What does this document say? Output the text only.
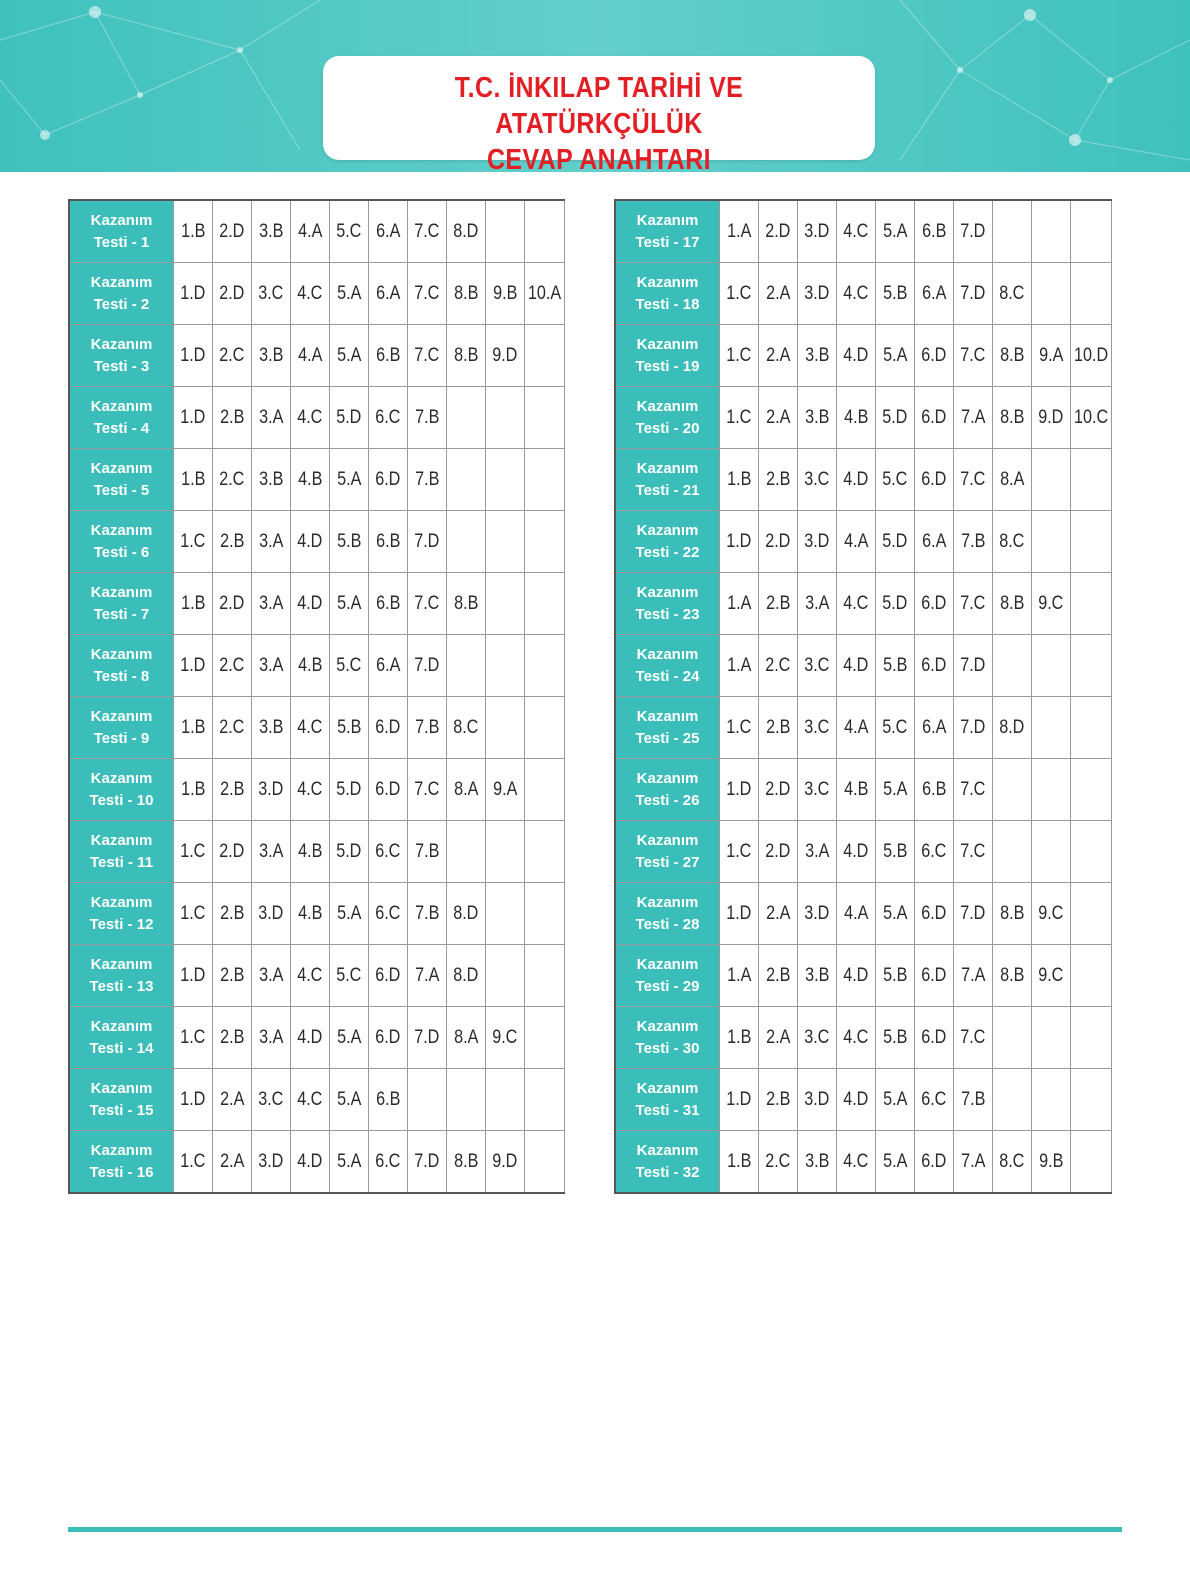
T.C. İNKILAP TARİHİ VE ATATÜRKÇÜLÜK
CEVAP ANAHTARI
Kazanım
Testi - 1	1.B	2.D	3.B	4.A	5.C	6.A	7.C	8.D		

Kazanım
Testi - 2	1.D	2.D	3.C	4.C	5.A	6.A	7.C	8.B	9.B	10.A

Kazanım
Testi - 3	1.D	2.C	3.B	4.A	5.A	6.B	7.C	8.B	9.D	

Kazanım
Testi - 4	1.D	2.B	3.A	4.C	5.D	6.C	7.B			

Kazanım
Testi - 5	1.B	2.C	3.B	4.B	5.A	6.D	7.B			

Kazanım
Testi - 6	1.C	2.B	3.A	4.D	5.B	6.B	7.D			

Kazanım
Testi - 7	1.B	2.D	3.A	4.D	5.A	6.B	7.C	8.B		

Kazanım
Testi - 8	1.D	2.C	3.A	4.B	5.C	6.A	7.D			

Kazanım
Testi - 9	1.B	2.C	3.B	4.C	5.B	6.D	7.B	8.C		

Kazanım
Testi - 10	1.B	2.B	3.D	4.C	5.D	6.D	7.C	8.A	9.A	

Kazanım
Testi - 11	1.C	2.D	3.A	4.B	5.D	6.C	7.B			

Kazanım
Testi - 12	1.C	2.B	3.D	4.B	5.A	6.C	7.B	8.D		

Kazanım
Testi - 13	1.D	2.B	3.A	4.C	5.C	6.D	7.A	8.D		

Kazanım
Testi - 14	1.C	2.B	3.A	4.D	5.A	6.D	7.D	8.A	9.C	

Kazanım
Testi - 15	1.D	2.A	3.C	4.C	5.A	6.B				

Kazanım
Testi - 16	1.C	2.A	3.D	4.D	5.A	6.C	7.D	8.B	9.D	
Kazanım
Testi - 17	1.A	2.D	3.D	4.C	5.A	6.B	7.D			

Kazanım
Testi - 18	1.C	2.A	3.D	4.C	5.B	6.A	7.D	8.C		

Kazanım
Testi - 19	1.C	2.A	3.B	4.D	5.A	6.D	7.C	8.B	9.A	10.D

Kazanım
Testi - 20	1.C	2.A	3.B	4.B	5.D	6.D	7.A	8.B	9.D	10.C

Kazanım
Testi - 21	1.B	2.B	3.C	4.D	5.C	6.D	7.C	8.A		

Kazanım
Testi - 22	1.D	2.D	3.D	4.A	5.D	6.A	7.B	8.C		

Kazanım
Testi - 23	1.A	2.B	3.A	4.C	5.D	6.D	7.C	8.B	9.C	

Kazanım
Testi - 24	1.A	2.C	3.C	4.D	5.B	6.D	7.D			

Kazanım
Testi - 25	1.C	2.B	3.C	4.A	5.C	6.A	7.D	8.D		

Kazanım
Testi - 26	1.D	2.D	3.C	4.B	5.A	6.B	7.C			

Kazanım
Testi - 27	1.C	2.D	3.A	4.D	5.B	6.C	7.C			

Kazanım
Testi - 28	1.D	2.A	3.D	4.A	5.A	6.D	7.D	8.B	9.C	

Kazanım
Testi - 29	1.A	2.B	3.B	4.D	5.B	6.D	7.A	8.B	9.C	

Kazanım
Testi - 30	1.B	2.A	3.C	4.C	5.B	6.D	7.C			

Kazanım
Testi - 31	1.D	2.B	3.D	4.D	5.A	6.C	7.B			

Kazanım
Testi - 32	1.B	2.C	3.B	4.C	5.A	6.D	7.A	8.C	9.B	
